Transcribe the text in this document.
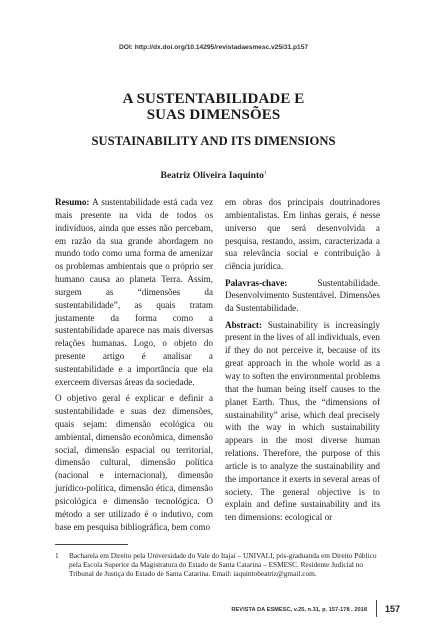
DOI: http://dx.doi.org/10.14295/revistadaesmesc.v25i31.p157
A SUSTENTABILIDADE E
SUAS DIMENSÕES
SUSTAINABILITY AND ITS DIMENSIONS
Beatriz Oliveira Iaquinto$^1$

Resumo: A sustentabilidade está cada vez mais presente na vida de todos os indivíduos, ainda que esses não percebam, em razão da sua grande abordagem no mundo todo como uma forma de amenizar os problemas ambientais que o próprio ser humano causa ao planeta Terra. Assim, surgem as “dimensões da sustentabilidade”, as quais tratam justamente da forma como a sustentabilidade aparece nas mais diversas relações humanas. Logo, o objeto do presente artigo é analisar a sustentabilidade e a importância que ela exerceem diversas áreas da sociedade.

O objetivo geral é explicar e definir a sustentabilidade e suas dez dimensões, quais sejam: dimensão ecológica ou ambiental, dimensão econômica, dimensão social, dimensão espacial ou territorial, dimensão cultural, dimensão política (nacional e internacional), dimensão jurídico-política, dimensão ética, dimensão psicológica e dimensão tecnológica. O método a ser utilizado é o indutivo, com base em pesquisa bibliográfica, bem como

em obras dos principais doutrinadores ambientalistas. Em linhas gerais, é nesse universo que será desenvolvida a pesquisa, restando, assim, caracterizada a sua relevância social e contribuição à ciência jurídica.

Palavras-chave: Sustentabilidade. Desenvolvimento Sustentável. Dimensões da Sustentabilidade.

Abstract: Sustainability is increasingly present in the lives of all individuals, even if they do not perceive it, because of its great approach in the whole world as a way to soften the environmental problems that the human being itself causes to the planet Earth. Thus, the “dimensions of sustainability” arise, which deal precisely with the way in which sustainability appears in the most diverse human relations. Therefore, the purpose of this article is to analyze the sustainability and the importance it exerts in several areas of society. The general objective is to explain and define sustainability and its ten dimensions: ecological or

1 Bacharela em Direito pela Universidade do Vale do Itajaí – UNIVALI, pós-graduanda em Direito Público pela Escola Superior da Magistratura do Estado de Santa Catarina – ESMESC. Residente Judicial no Tribunal de Justiça do Estado de Santa Catarina. Email: iaquintobeatriz@gmail.com.
REVISTA DA ESMESC, v.25, n.31, p. 157-178 , 2018 157
